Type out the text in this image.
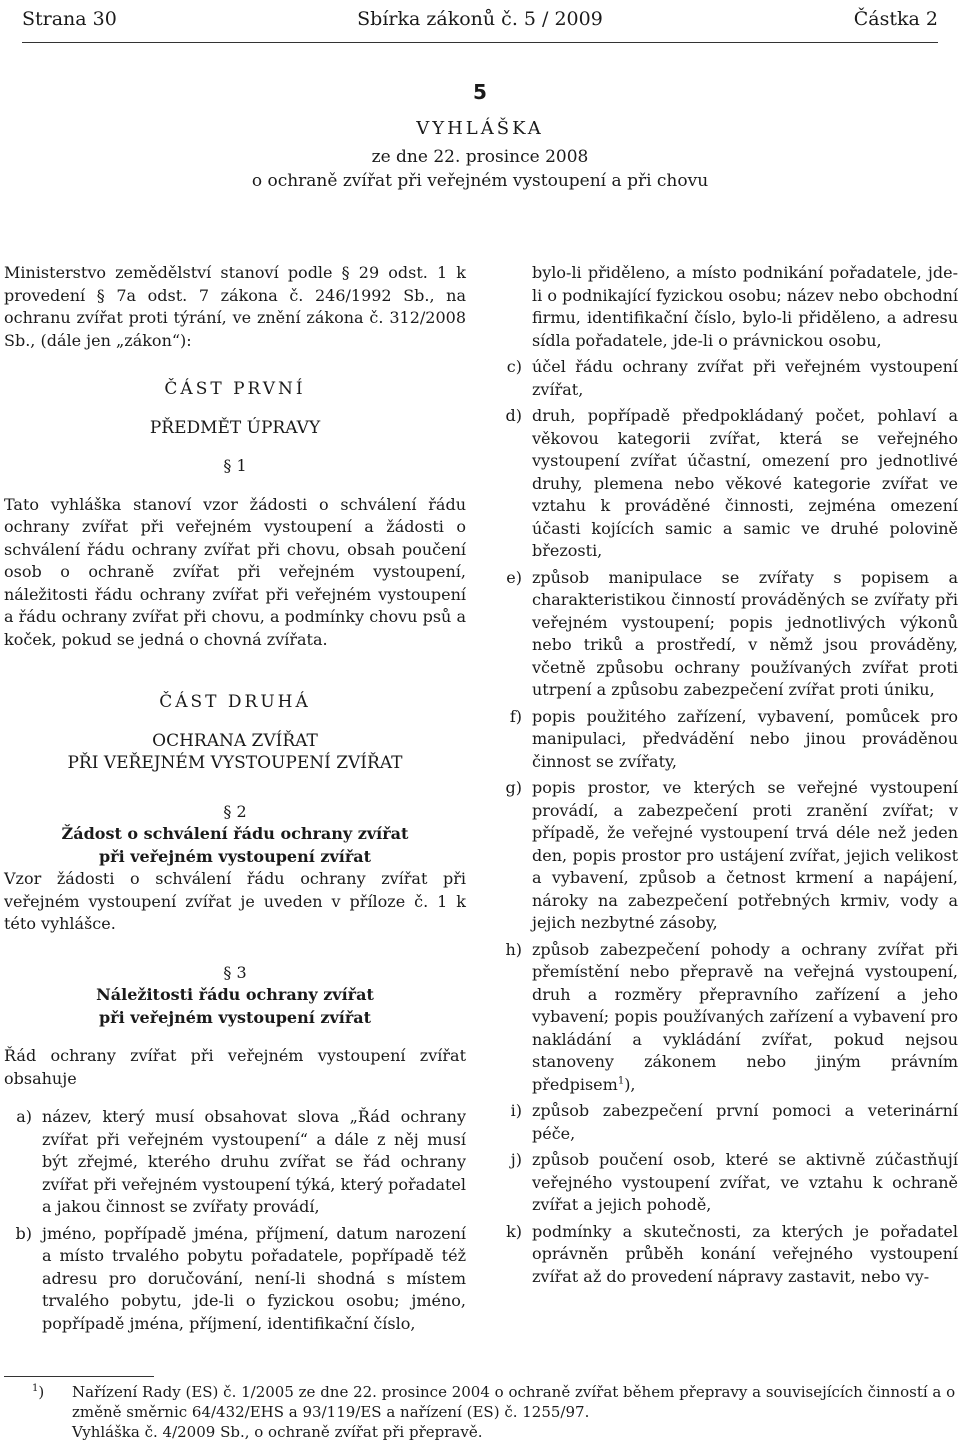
Strana 30	Sbírka zákonů č. 5 / 2009	Částka 2
5
VYHLÁŠKA
ze dne 22. prosince 2008
o ochraně zvířat při veřejném vystoupení a při chovu

Ministerstvo zemědělství stanoví podle § 29 odst. 1 k provedení § 7a odst. 7 zákona č. 246/1992 Sb., na ochranu zvířat proti týrání, ve znění zákona č. 312/2008 Sb., (dále jen „zákon“):

ČÁST PRVNÍ
PŘEDMĚT ÚPRAVY
§ 1

Tato vyhláška stanoví vzor žádosti o schválení řádu ochrany zvířat při veřejném vystoupení a žádosti o schválení řádu ochrany zvířat při chovu, obsah poučení osob o ochraně zvířat při veřejném vystoupení, náležitosti řádu ochrany zvířat při veřejném vystoupení a řádu ochrany zvířat při chovu, a podmínky chovu psů a koček, pokud se jedná o chovná zvířata.

ČÁST DRUHÁ
OCHRANA ZVÍŘAT
PŘI VEŘEJNÉM VYSTOUPENÍ ZVÍŘAT
§ 2
Žádost o schválení řádu ochrany zvířat
při veřejném vystoupení zvířat

Vzor žádosti o schválení řádu ochrany zvířat při veřejném vystoupení zvířat je uveden v příloze č. 1 k této vyhlášce.

§ 3
Náležitosti řádu ochrany zvířat
při veřejném vystoupení zvířat

Řád ochrany zvířat při veřejném vystoupení zvířat obsahuje

a) název, který musí obsahovat slova „Řád ochrany zvířat při veřejném vystoupení“ a dále z něj musí být zřejmé, kterého druhu zvířat se řád ochrany zvířat při veřejném vystoupení týká, který pořadatel a jakou činnost se zvířaty provádí,
b) jméno, popřípadě jména, příjmení, datum narození a místo trvalého pobytu pořadatele, popřípadě též adresu pro doručování, není-li shodná s místem trvalého pobytu, jde-li o fyzickou osobu; jméno, popřípadě jména, příjmení, identifikační číslo,
bylo-li přiděleno, a místo podnikání pořadatele, jde-li o podnikající fyzickou osobu; název nebo obchodní firmu, identifikační číslo, bylo-li přiděleno, a adresu sídla pořadatele, jde-li o právnickou osobu,
c) účel řádu ochrany zvířat při veřejném vystoupení zvířat,
d) druh, popřípadě předpokládaný počet, pohlaví a věkovou kategorii zvířat, která se veřejného vystoupení zvířat účastní, omezení pro jednotlivé druhy, plemena nebo věkové kategorie zvířat ve vztahu k prováděné činnosti, zejména omezení účasti kojících samic a samic ve druhé polovině březosti,
e) způsob manipulace se zvířaty s popisem a charakteristikou činností prováděných se zvířaty při veřejném vystoupení; popis jednotlivých výkonů nebo triků a prostředí, v němž jsou prováděny, včetně způsobu ochrany používaných zvířat proti utrpení a způsobu zabezpečení zvířat proti úniku,
f) popis použitého zařízení, vybavení, pomůcek pro manipulaci, předvádění nebo jinou prováděnou činnost se zvířaty,
g) popis prostor, ve kterých se veřejné vystoupení provádí, a zabezpečení proti zranění zvířat; v případě, že veřejné vystoupení trvá déle než jeden den, popis prostor pro ustájení zvířat, jejich velikost a vybavení, způsob a četnost krmení a napájení, nároky na zabezpečení potřebných krmiv, vody a jejich nezbytné zásoby,
h) způsob zabezpečení pohody a ochrany zvířat při přemístění nebo přepravě na veřejná vystoupení, druh a rozměry přepravního zařízení a jeho vybavení; popis používaných zařízení a vybavení pro nakládání a vykládání zvířat, pokud nejsou stanoveny zákonem nebo jiným právním předpisem$^1$),
i) způsob zabezpečení první pomoci a veterinární péče,
j) způsob poučení osob, které se aktivně zúčastňují veřejného vystoupení zvířat, ve vztahu k ochraně zvířat a jejich pohodě,
k) podmínky a skutečnosti, za kterých je pořadatel oprávněn průběh konání veřejného vystoupení zvířat až do provedení nápravy zastavit, nebo vy-
$^1$)	Nařízení Rady (ES) č. 1/2005 ze dne 22. prosince 2004 o ochraně zvířat během přepravy a souvisejících činností a o změně směrnic 64/432/EHS a 93/119/ES a nařízení (ES) č. 1255/97.
Vyhláška č. 4/2009 Sb., o ochraně zvířat při přepravě.
